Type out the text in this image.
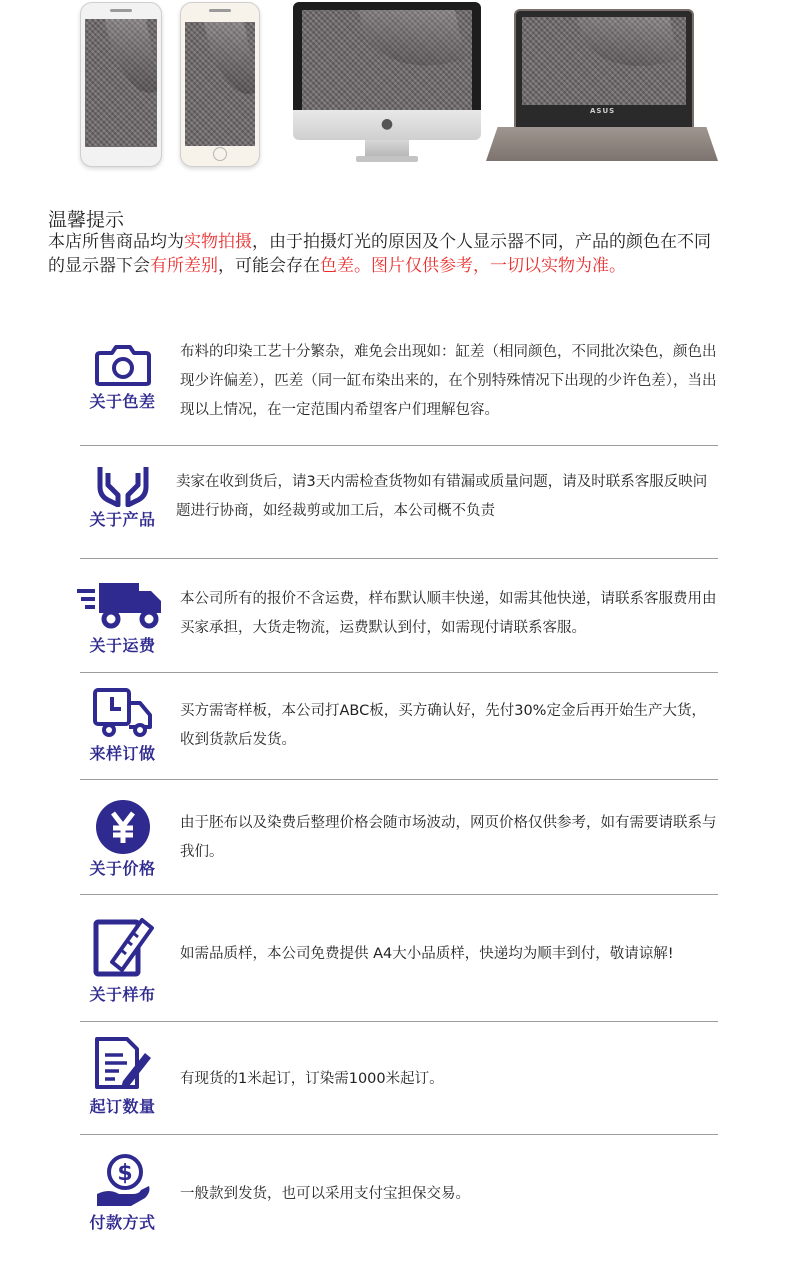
●
ASUS
温馨提示
本店所售商品均为实物拍摄，由于拍摄灯光的原因及个人显示器不同，产品的颜色在不同
的显示器下会有所差别，可能会存在色差。图片仅供参考，一切以实物为准。
关于色差
布料的印染工艺十分繁杂，难免会出现如：缸差（相同颜色，不同批次染色，颜色出现少许偏差），匹差（同一缸布染出来的，在个别特殊情况下出现的少许色差），当出现以上情况，在一定范围内希望客户们理解包容。
关于产品
卖家在收到货后，请3天内需检查货物如有错漏或质量问题，请及时联系客服反映问题进行协商，如经裁剪或加工后，本公司概不负责
关于运费
本公司所有的报价不含运费，样布默认顺丰快递，如需其他快递，请联系客服费用由买家承担，大货走物流，运费默认到付，如需现付请联系客服。
来样订做
买方需寄样板，本公司打ABC板，买方确认好，先付30%定金后再开始生产大货，收到货款后发货。
关于价格
由于胚布以及染费后整理价格会随市场波动，网页价格仅供参考，如有需要请联系与我们。
关于样布
如需品质样，本公司免费提供 A4大小品质样，快递均为顺丰到付，敬请谅解!
起订数量
有现货的1米起订，订染需1000米起订。
$
付款方式
一般款到发货，也可以采用支付宝担保交易。
